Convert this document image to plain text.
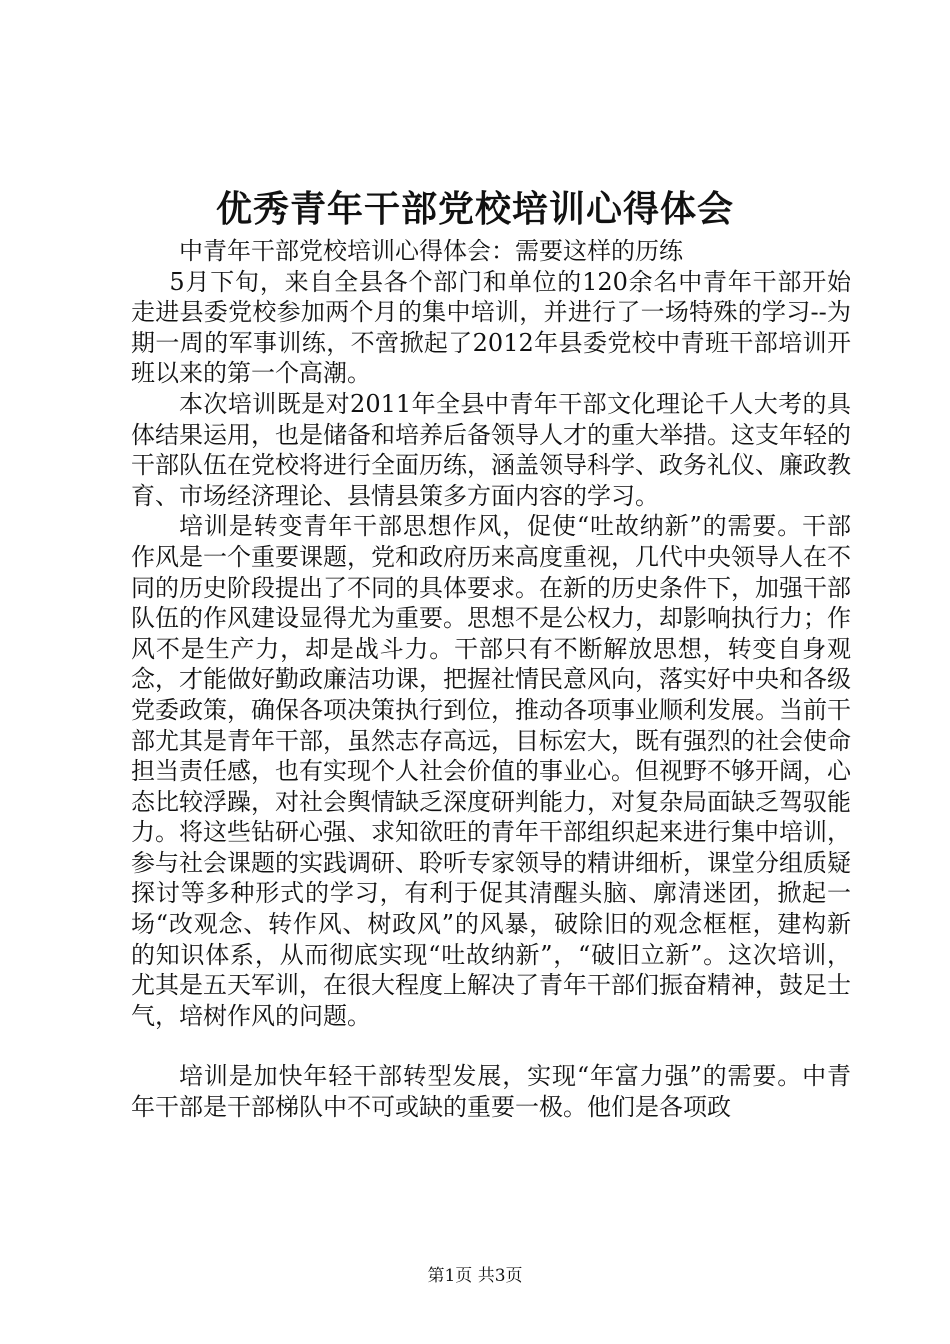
优秀青年干部党校培训心得体会

中青年干部党校培训心得体会：需要这样的历练

5月下旬，来自全县各个部门和单位的120余名中青年干部开始走进县委党校参加两个月的集中培训，并进行了一场特殊的学习--为期一周的军事训练，不啻掀起了2012年县委党校中青班干部培训开班以来的第一个高潮。

本次培训既是对2011年全县中青年干部文化理论千人大考的具体结果运用，也是储备和培养后备领导人才的重大举措。这支年轻的干部队伍在党校将进行全面历练，涵盖领导科学、政务礼仪、廉政教育、市场经济理论、县情县策多方面内容的学习。

培训是转变青年干部思想作风，促使“吐故纳新”的需要。干部作风是一个重要课题，党和政府历来高度重视，几代中央领导人在不同的历史阶段提出了不同的具体要求。在新的历史条件下，加强干部队伍的作风建设显得尤为重要。思想不是公权力，却影响执行力；作风不是生产力，却是战斗力。干部只有不断解放思想，转变自身观念，才能做好勤政廉洁功课，把握社情民意风向，落实好中央和各级党委政策，确保各项决策执行到位，推动各项事业顺利发展。当前干部尤其是青年干部，虽然志存高远，目标宏大，既有强烈的社会使命担当责任感，也有实现个人社会价值的事业心。但视野不够开阔，心态比较浮躁，对社会舆情缺乏深度研判能力，对复杂局面缺乏驾驭能力。将这些钻研心强、求知欲旺的青年干部组织起来进行集中培训，参与社会课题的实践调研、聆听专家领导的精讲细析，课堂分组质疑探讨等多种形式的学习，有利于促其清醒头脑、廓清迷团，掀起一场“改观念、转作风、树政风”的风暴，破除旧的观念框框，建构新的知识体系，从而彻底实现“吐故纳新”，“破旧立新”。这次培训，尤其是五天军训，在很大程度上解决了青年干部们振奋精神，鼓足士气，培树作风的问题。

培训是加快年轻干部转型发展，实现“年富力强”的需要。中青年干部是干部梯队中不可或缺的重要一极。他们是各项政

第1页 共3页
